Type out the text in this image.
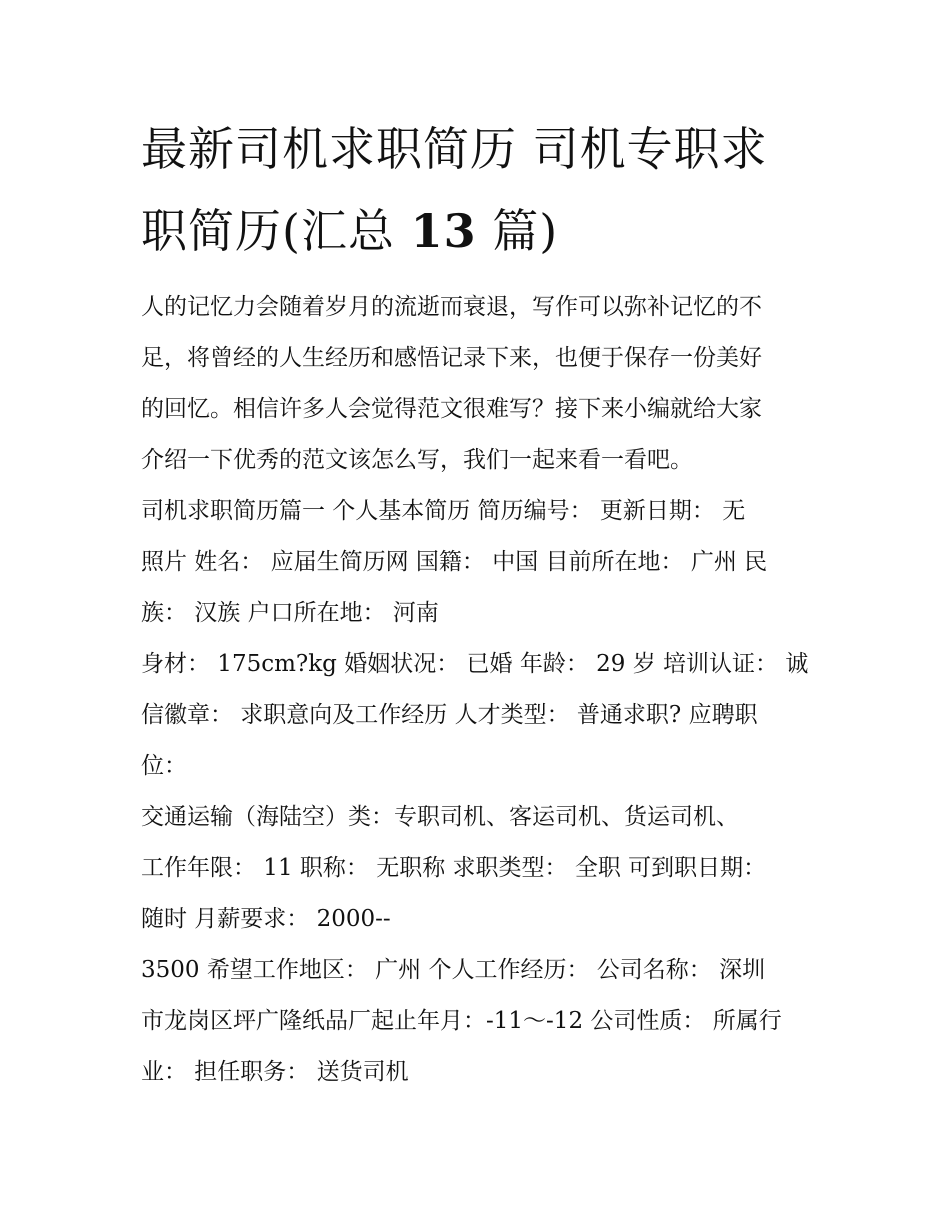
最新司机求职简历 司机专职求
职简历(汇总 13 篇)

人的记忆力会随着岁月的流逝而衰退，写作可以弥补记忆的不
足，将曾经的人生经历和感悟记录下来，也便于保存一份美好
的回忆。相信许多人会觉得范文很难写？接下来小编就给大家
介绍一下优秀的范文该怎么写，我们一起来看一看吧。

司机求职简历篇一 个人基本简历 简历编号： 更新日期： 无
照片 姓名： 应届生简历网 国籍： 中国 目前所在地： 广州 民
族： 汉族 户口所在地： 河南

身材： 175cm?kg 婚姻状况： 已婚 年龄： 29 岁 培训认证： 诚
信徽章： 求职意向及工作经历 人才类型： 普通求职? 应聘职
位：

交通运输（海陆空）类：专职司机、客运司机、货运司机、
工作年限： 11 职称： 无职称 求职类型： 全职 可到职日期：
随时 月薪要求： 2000--

3500 希望工作地区： 广州 个人工作经历： 公司名称： 深圳
市龙岗区坪广隆纸品厂起止年月：-11～-12 公司性质： 所属行
业： 担任职务： 送货司机
